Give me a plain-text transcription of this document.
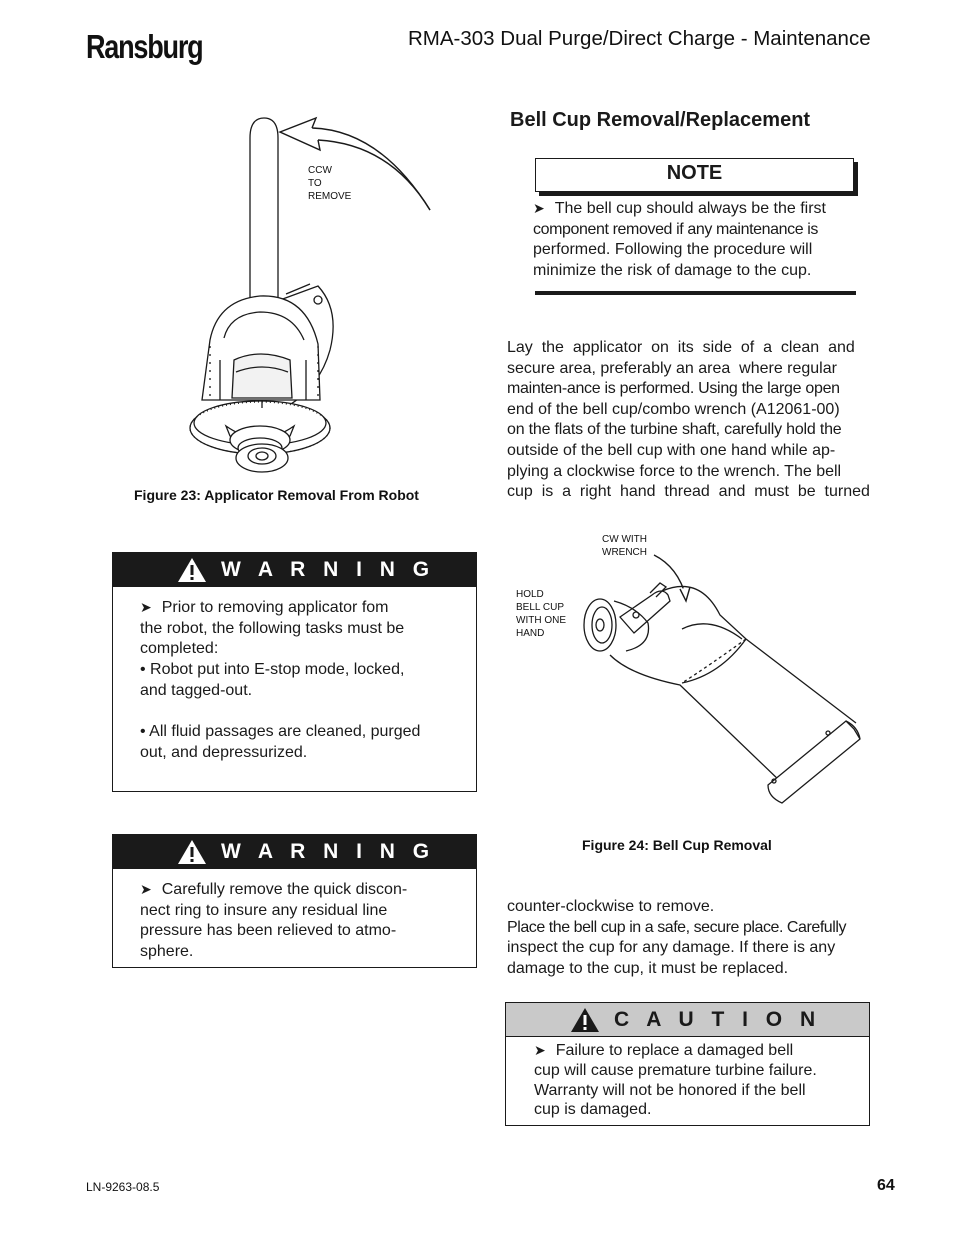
Ransburg	RMA-303 Dual Purge/Direct Charge - Maintenance
CCW
TO
REMOVE
Figure 23: Applicator Removal From Robot
Bell Cup Removal/Replacement
NOTE
➤ The bell cup should always be the first
component removed if any maintenance is
performed. Following the procedure will
minimize the risk of damage to the cup.
Lay  the  applicator  on  its  side  of  a  clean  and
secure area, preferably an area  where regular
mainten-ance is performed. Using the large open
end of the bell cup/combo wrench (A12061-00)
on the flats of the turbine shaft, carefully hold the
outside of the bell cup with one hand while ap-
plying a clockwise force to the wrench. The bell
cup  is  a  right  hand  thread  and  must  be  turned
CW WITH
WRENCH
HOLD
BELL CUP
WITH ONE
HAND
Figure 24: Bell Cup Removal
W A R N I N G
➤ Prior to removing applicator fom
the robot, the following tasks must be
completed:
• Robot put into E-stop mode, locked,
and tagged-out.
• All fluid passages are cleaned, purged
out, and depressurized.
W A R N I N G
➤ Carefully remove the quick discon-
nect ring to insure any residual line
pressure has been relieved to atmo-
sphere.
counter-clockwise to remove.
Place the bell cup in a safe, secure place. Carefully
inspect the cup for any damage. If there is any
damage to the cup, it must be replaced.
C A U T I O N
➤ Failure to replace a damaged bell
cup will cause premature turbine failure.
Warranty will not be honored if the bell
cup is damaged.
LN-9263-08.5	64
